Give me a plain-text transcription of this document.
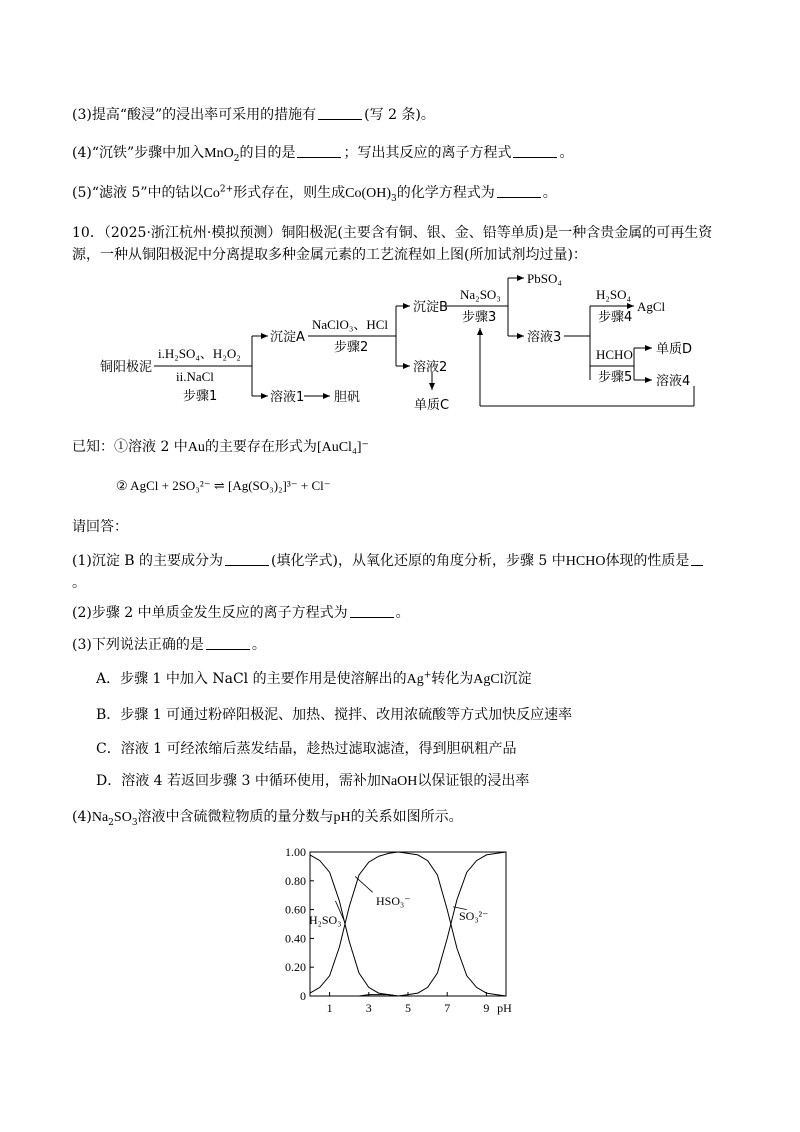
(3)提高“酸浸”的浸出率可采用的措施有	(写 2 条)。
(4)“沉铁”步骤中加入MnO$_2$的目的是	；写出其反应的离子方程式	。
(5)“滤液 5”中的钴以$Co^{2+}$形式存在，则生成$Co(OH)_3$的化学方程式为	。
10．（2025·浙江杭州·模拟预测）铜阳极泥(主要含有铜、银、金、铅等单质)是一种含贵金属的可再生资
源，一种从铜阳极泥中分离提取多种金属元素的工艺流程如上图(所加试剂均过量)：
铜阳极泥
i.H₂SO₄、H₂O₂
ii.NaCl
步骤1
沉淀A
溶液1 胆矾
NaClO₃、HCl
步骤2
沉淀B
溶液2
单质C
Na₂SO₃
步骤3
PbSO₄
溶液3
H₂SO₄
步骤4
AgCl
HCHO
步骤5
单质D
溶液4
已知：①溶液 2 中Au的主要存在形式为[AuCl₄]⁻
② AgCl + 2SO₃²⁻ ⇌ [Ag(SO₃)₂]³⁻ + Cl⁻
请回答：
(1)沉淀 B 的主要成分为	(填化学式)，从氧化还原的角度分析，步骤 5 中HCHO体现的性质是
。
(2)步骤 2 中单质金发生反应的离子方程式为	。
(3)下列说法正确的是	。
A．步骤 1 中加入 NaCl 的主要作用是使溶解出的Ag+转化为AgCl沉淀
B．步骤 1 可通过粉碎阳极泥、加热、搅拌、改用浓硫酸等方式加快反应速率
C．溶液 1 可经浓缩后蒸发结晶，趁热过滤取滤渣，得到胆矾粗产品
D．溶液 4 若返回步骤 3 中循环使用，需补加NaOH以保证银的浸出率
$(4)Na_2SO_3$溶液中含硫微粒物质的量分数与pH的关系如图所示。
0
0.20
0.40
0.60
0.80
1.00
1	3	5	7	9 pH
H₂SO₃
HSO₃⁻
SO₃²⁻
